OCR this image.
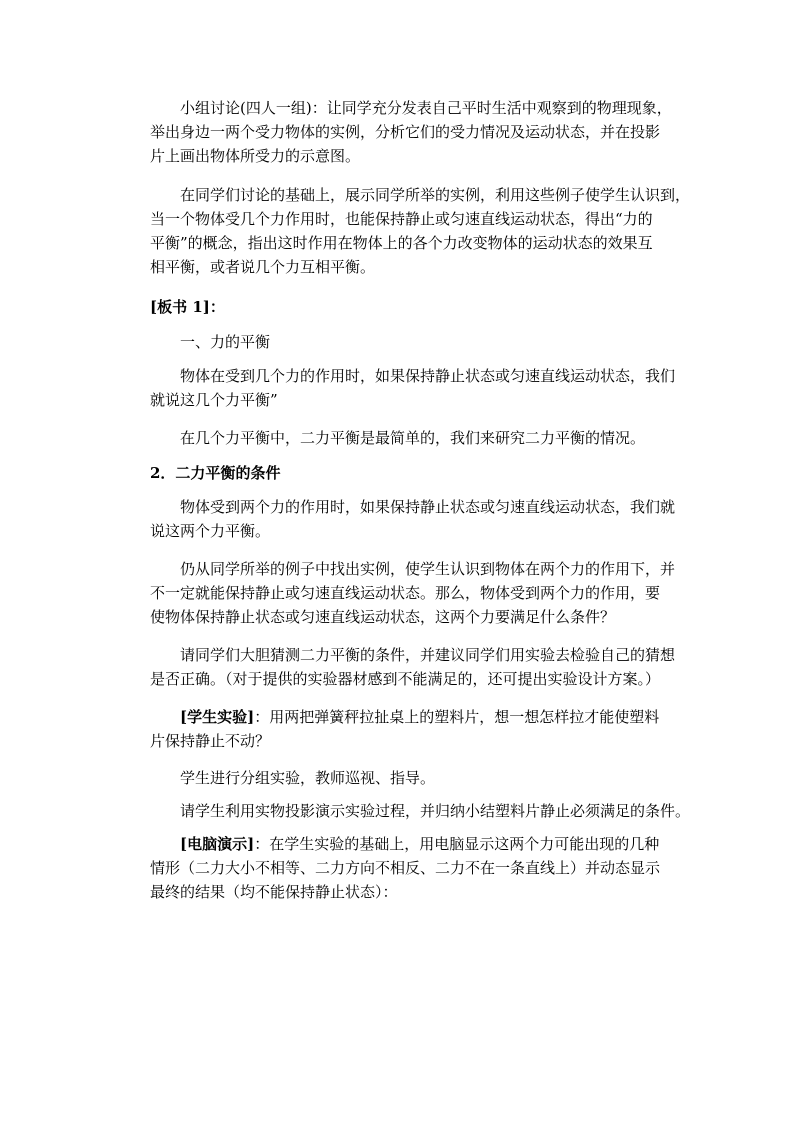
小组讨论(四人一组)：让同学充分发表自己平时生活中观察到的物理现象，
举出身边一两个受力物体的实例，分析它们的受力情况及运动状态，并在投影
片上画出物体所受力的示意图。
在同学们讨论的基础上，展示同学所举的实例，利用这些例子使学生认识到，
当一个物体受几个力作用时，也能保持静止或匀速直线运动状态，得出“力的
平衡”的概念，指出这时作用在物体上的各个力改变物体的运动状态的效果互
相平衡，或者说几个力互相平衡。
[板书 1]：
一、力的平衡
物体在受到几个力的作用时，如果保持静止状态或匀速直线运动状态，我们
就说这几个力平衡”
在几个力平衡中，二力平衡是最简单的，我们来研究二力平衡的情况。
2．二力平衡的条件
物体受到两个力的作用时，如果保持静止状态或匀速直线运动状态，我们就
说这两个力平衡。
仍从同学所举的例子中找出实例，使学生认识到物体在两个力的作用下，并
不一定就能保持静止或匀速直线运动状态。那么，物体受到两个力的作用，要
使物体保持静止状态或匀速直线运动状态，这两个力要满足什么条件？
请同学们大胆猜测二力平衡的条件，并建议同学们用实验去检验自己的猜想
是否正确。（对于提供的实验器材感到不能满足的，还可提出实验设计方案。）
[学生实验]：用两把弹簧秤拉扯桌上的塑料片，想一想怎样拉才能使塑料
片保持静止不动？
学生进行分组实验，教师巡视、指导。
请学生利用实物投影演示实验过程，并归纳小结塑料片静止必须满足的条件。
[电脑演示]：在学生实验的基础上，用电脑显示这两个力可能出现的几种
情形（二力大小不相等、二力方向不相反、二力不在一条直线上）并动态显示
最终的结果（均不能保持静止状态）：
